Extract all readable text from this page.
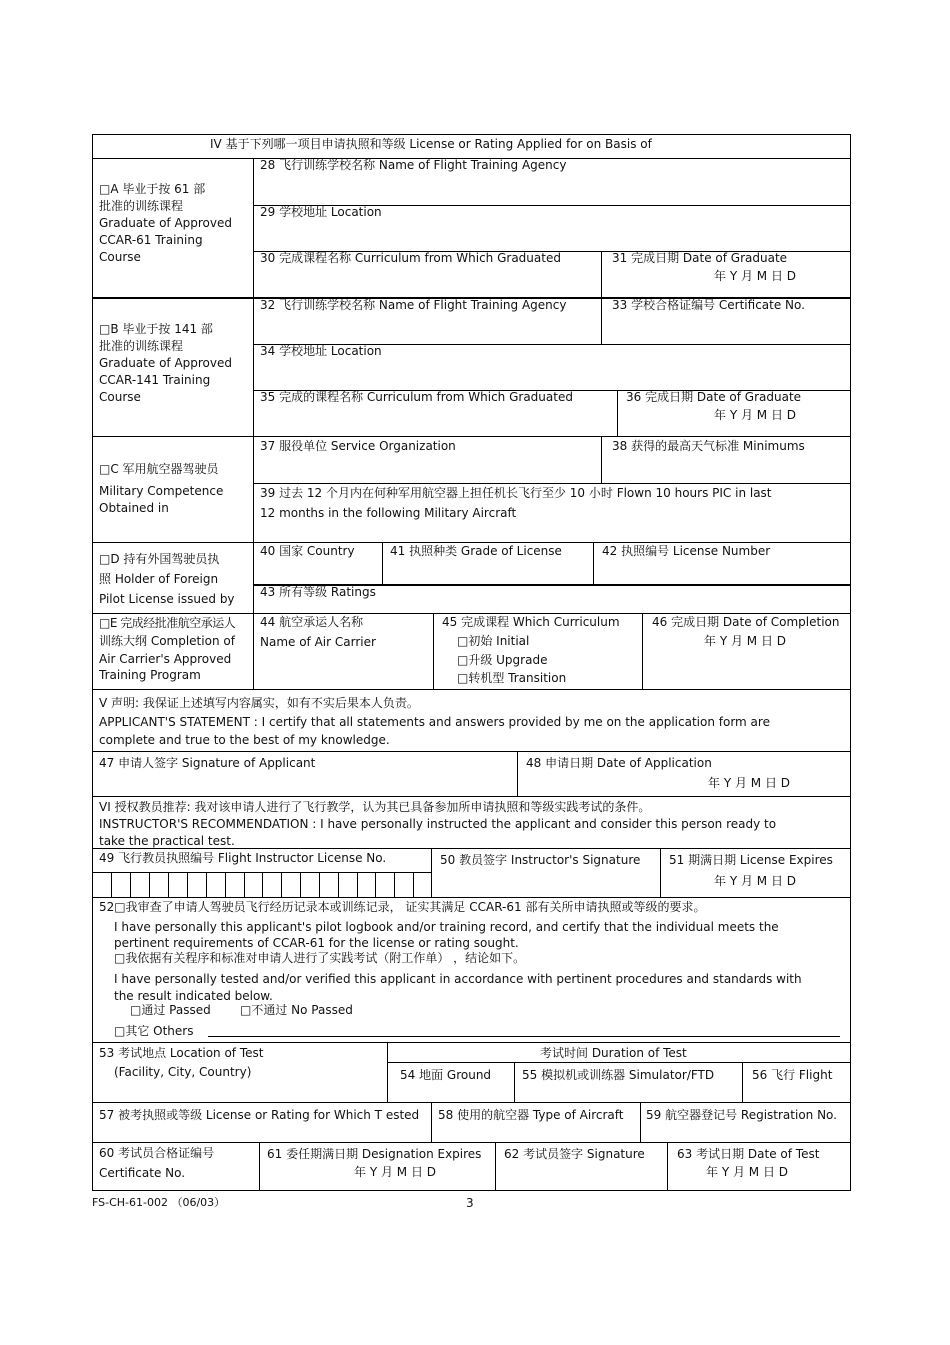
IV 基于下列哪一项目申请执照和等级 License or Rating Applied for on Basis of
□A 毕业于按 61 部
批准的训练课程
Graduate of Approved
CCAR-61 Training
Course
28 飞行训练学校名称 Name of Flight Training Agency
29 学校地址 Location
30 完成课程名称 Curriculum from Which Graduated	31 完成日期 Date of Graduate
年 Y 月 M 日 D
□B 毕业于按 141 部
批准的训练课程
Graduate of Approved
CCAR-141 Training
Course
32 飞行训练学校名称 Name of Flight Training Agency	33 学校合格证编号 Certificate No.
34 学校地址 Location
35 完成的课程名称 Curriculum from Which Graduated	36 完成日期 Date of Graduate
年 Y 月 M 日 D
□C 军用航空器驾驶员
Military Competence
Obtained in
37 服役单位 Service Organization	38 获得的最高天气标准 Minimums
39 过去 12 个月内在何种军用航空器上担任机长飞行至少 10 小时 Flown 10 hours PIC in last
12 months in the following Military Aircraft
□D 持有外国驾驶员执
照 Holder of Foreign
Pilot License issued by
40 国家 Country	41 执照种类 Grade of License	42 执照编号 License Number
43 所有等级 Ratings
□E 完成经批准航空承运人
训练大纲 Completion of
Air Carrier's Approved
Training Program
44 航空承运人名称
Name of Air Carrier
45 完成课程 Which Curriculum
□初始 Initial
□升级 Upgrade
□转机型 Transition
46 完成日期 Date of Completion
年 Y 月 M 日 D
V 声明: 我保证上述填写内容属实，如有不实后果本人负责。
APPLICANT'S STATEMENT : I certify that all statements and answers provided by me on the application form are
complete and true to the best of my knowledge.
47 申请人签字 Signature of Applicant	48 申请日期 Date of Application
年 Y 月 M 日 D
VI 授权教员推荐: 我对该申请人进行了飞行教学，认为其已具备参加所申请执照和等级实践考试的条件。
INSTRUCTOR'S RECOMMENDATION : I have personally instructed the applicant and consider this person ready to
take the practical test.
49 飞行教员执照编号 Flight Instructor License No.	50 教员签字 Instructor's Signature 51 期满日期 License Expires
年 Y 月 M 日 D
52□我审查了申请人驾驶员飞行经历记录本或训练记录， 证实其满足 CCAR-61 部有关所申请执照或等级的要求。
I have personally this applicant's pilot logbook and/or training record, and certify that the individual meets the
pertinent requirements of CCAR-61 for the license or rating sought.
□我依据有关程序和标准对申请人进行了实践考试（附工作单） ，结论如下。
I have personally tested and/or verified this applicant in accordance with pertinent procedures and standards with
the result indicated below.
□通过 Passed □不通过 No Passed
□其它 Others
53 考试地点 Location of Test
(Facility, City, Country)
考试时间 Duration of Test
54 地面 Ground	55 模拟机或训练器 Simulator/FTD	56 飞行 Flight
57 被考执照或等级 License or Rating for Which T ested 58 使用的航空器 Type of Aircraft 59 航空器登记号 Registration No.
60 考试员合格证编号
Certificate No.
61 委任期满日期 Designation Expires
年 Y 月 M 日 D
62 考试员签字 Signature	63 考试日期 Date of Test
年 Y 月 M 日 D
FS-CH-61-002 （06/03）	3
